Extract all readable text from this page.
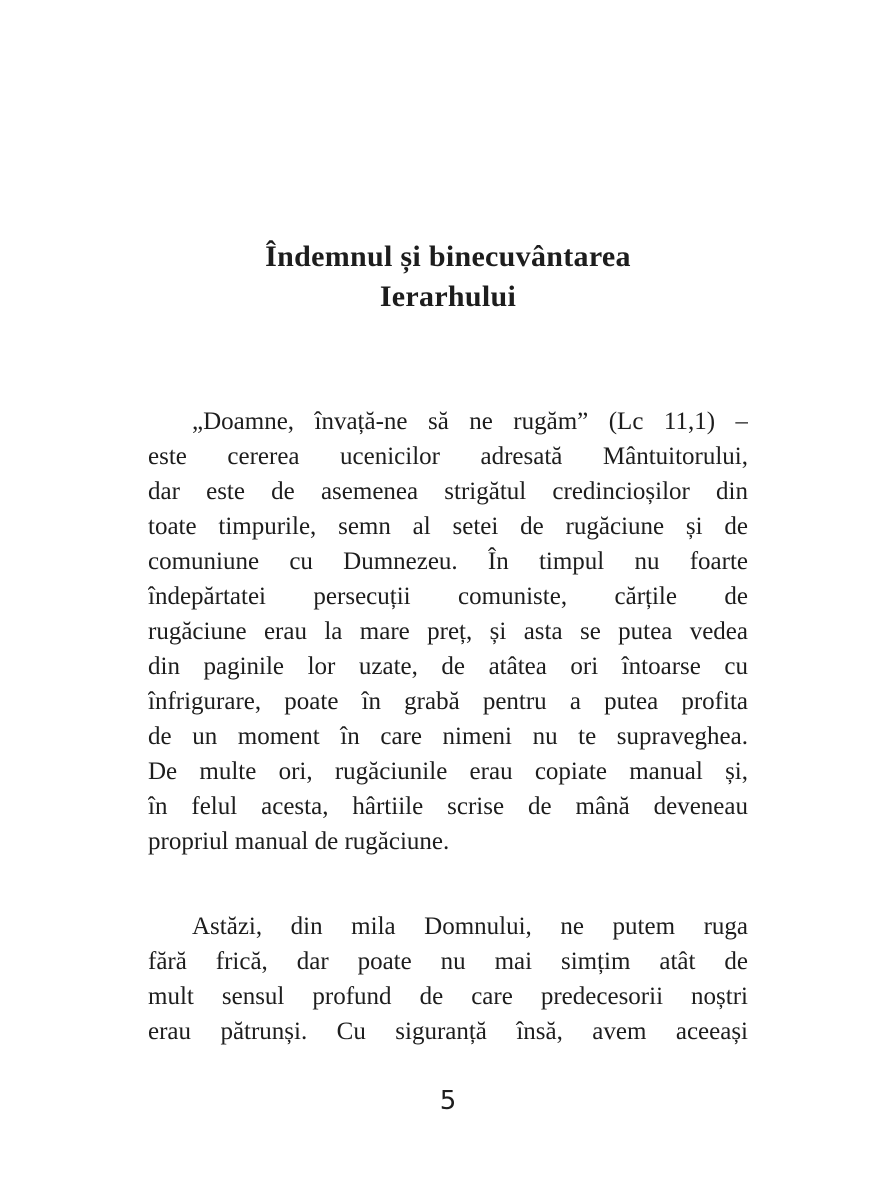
Îndemnul și binecuvântarea
Ierarhului
„Doamne, învață-ne să ne rugăm” (Lc 11,1) –
este cererea ucenicilor adresată Mântuitorului,
dar este de asemenea strigătul credincioșilor din
toate timpurile, semn al setei de rugăciune și de
comuniune cu Dumnezeu. În timpul nu foarte
îndepărtatei persecuții comuniste, cărțile de
rugăciune erau la mare preț, și asta se putea vedea
din paginile lor uzate, de atâtea ori întoarse cu
înfrigurare, poate în grabă pentru a putea profita
de un moment în care nimeni nu te supraveghea.
De multe ori, rugăciunile erau copiate manual și,
în felul acesta, hârtiile scrise de mână deveneau
propriul manual de rugăciune.
Astăzi, din mila Domnului, ne putem ruga
fără frică, dar poate nu mai simțim atât de
mult sensul profund de care predecesorii noștri
erau pătrunși. Cu siguranță însă, avem aceeași
5
